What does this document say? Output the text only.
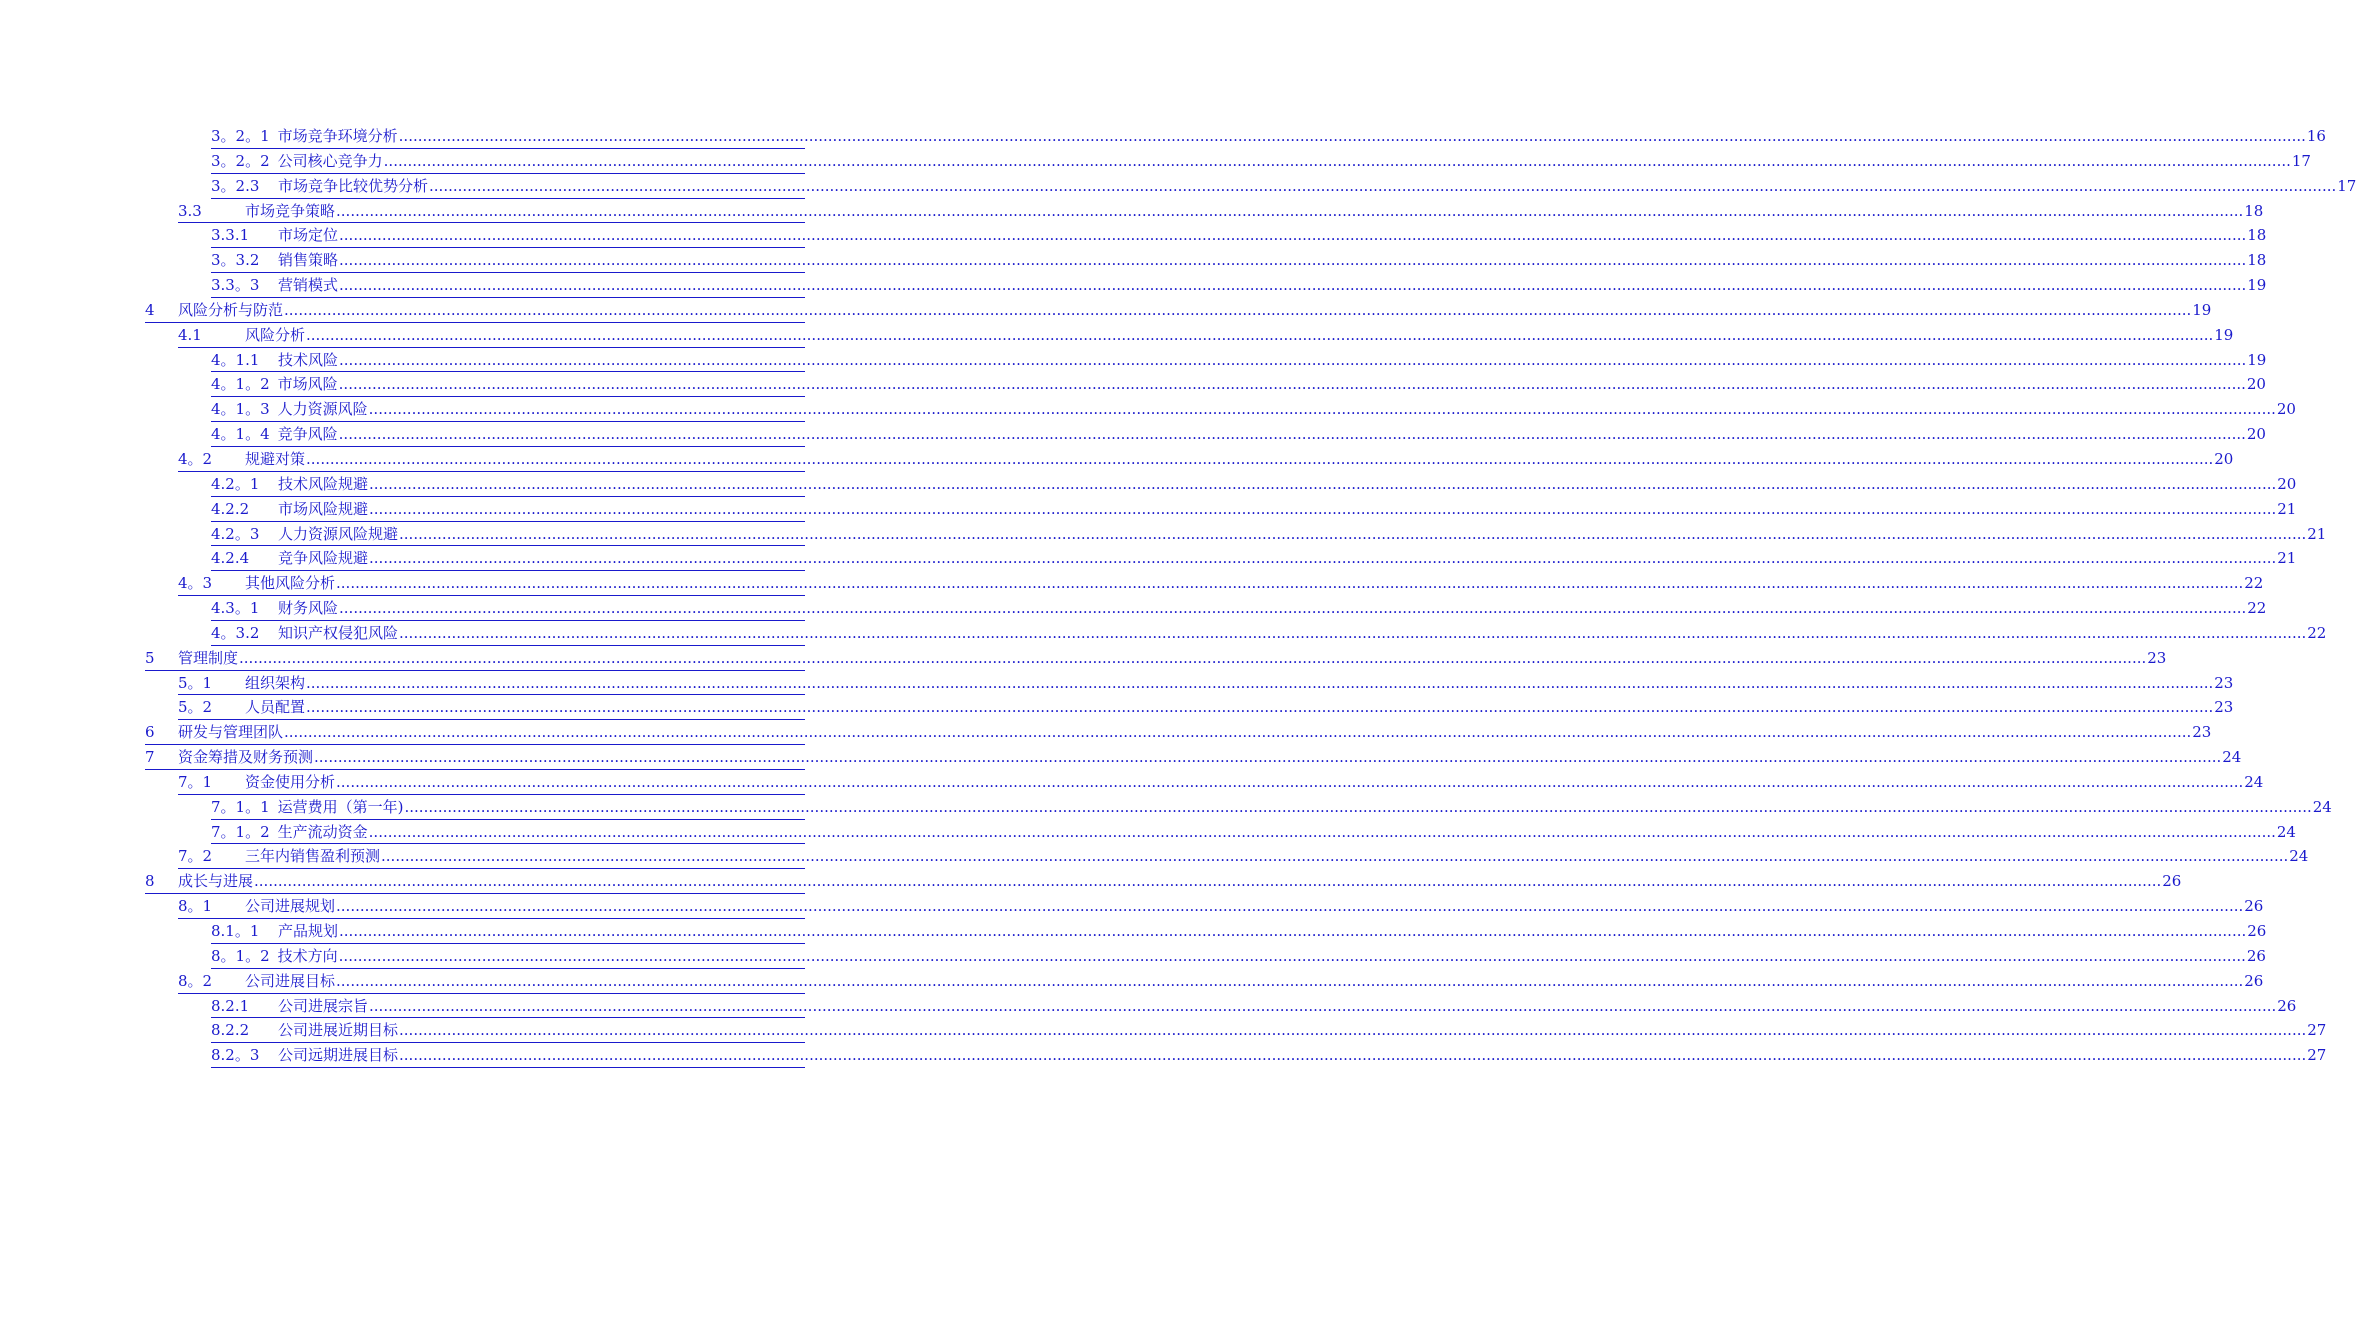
3。2。1 市场竞争环境分析 ................................................................................................................................................................................................................................................................................................................................................................................................................ 16
3。2。2 公司核心竞争力 ................................................................................................................................................................................................................................................................................................................................................................................................................ 17
3。2.3	市场竞争比较优势分析 ................................................................................................................................................................................................................................................................................................................................................................................................................ 17
3.3	市场竞争策略 ................................................................................................................................................................................................................................................................................................................................................................................................................ 18
3.3.1	市场定位 ................................................................................................................................................................................................................................................................................................................................................................................................................ 18
3。3.2	销售策略 ................................................................................................................................................................................................................................................................................................................................................................................................................ 18
3.3。3	营销模式 ................................................................................................................................................................................................................................................................................................................................................................................................................ 19
4	风险分析与防范 ................................................................................................................................................................................................................................................................................................................................................................................................................ 19
4.1	风险分析 ................................................................................................................................................................................................................................................................................................................................................................................................................ 19
4。1.1	技术风险 ................................................................................................................................................................................................................................................................................................................................................................................................................ 19
4。1。2 市场风险 ................................................................................................................................................................................................................................................................................................................................................................................................................ 20
4。1。3 人力资源风险 ................................................................................................................................................................................................................................................................................................................................................................................................................ 20
4。1。4 竞争风险 ................................................................................................................................................................................................................................................................................................................................................................................................................ 20
4。2	规避对策 ................................................................................................................................................................................................................................................................................................................................................................................................................ 20
4.2。1	技术风险规避 ................................................................................................................................................................................................................................................................................................................................................................................................................ 20
4.2.2	市场风险规避 ................................................................................................................................................................................................................................................................................................................................................................................................................ 21
4.2。3	人力资源风险规避 ................................................................................................................................................................................................................................................................................................................................................................................................................ 21
4.2.4	竞争风险规避 ................................................................................................................................................................................................................................................................................................................................................................................................................ 21
4。3	其他风险分析 ................................................................................................................................................................................................................................................................................................................................................................................................................ 22
4.3。1	财务风险 ................................................................................................................................................................................................................................................................................................................................................................................................................ 22
4。3.2	知识产权侵犯风险 ................................................................................................................................................................................................................................................................................................................................................................................................................ 22
5	管理制度 ................................................................................................................................................................................................................................................................................................................................................................................................................ 23
5。1	组织架构 ................................................................................................................................................................................................................................................................................................................................................................................................................ 23
5。2	人员配置 ................................................................................................................................................................................................................................................................................................................................................................................................................ 23
6	研发与管理团队 ................................................................................................................................................................................................................................................................................................................................................................................................................ 23
7	资金筹措及财务预测 ................................................................................................................................................................................................................................................................................................................................................................................................................ 24
7。1	资金使用分析 ................................................................................................................................................................................................................................................................................................................................................................................................................ 24
7。1。1 运营费用（第一年) ................................................................................................................................................................................................................................................................................................................................................................................................................ 24
7。1。2 生产流动资金 ................................................................................................................................................................................................................................................................................................................................................................................................................ 24
7。2	三年内销售盈利预测 ................................................................................................................................................................................................................................................................................................................................................................................................................ 24
8	成长与进展 ................................................................................................................................................................................................................................................................................................................................................................................................................ 26
8。1	公司进展规划 ................................................................................................................................................................................................................................................................................................................................................................................................................ 26
8.1。1	产品规划 ................................................................................................................................................................................................................................................................................................................................................................................................................ 26
8。1。2 技术方向 ................................................................................................................................................................................................................................................................................................................................................................................................................ 26
8。2	公司进展目标 ................................................................................................................................................................................................................................................................................................................................................................................................................ 26
8.2.1	公司进展宗旨 ................................................................................................................................................................................................................................................................................................................................................................................................................ 26
8.2.2	公司进展近期目标 ................................................................................................................................................................................................................................................................................................................................................................................................................ 27
8.2。3	公司远期进展目标 ................................................................................................................................................................................................................................................................................................................................................................................................................ 27
